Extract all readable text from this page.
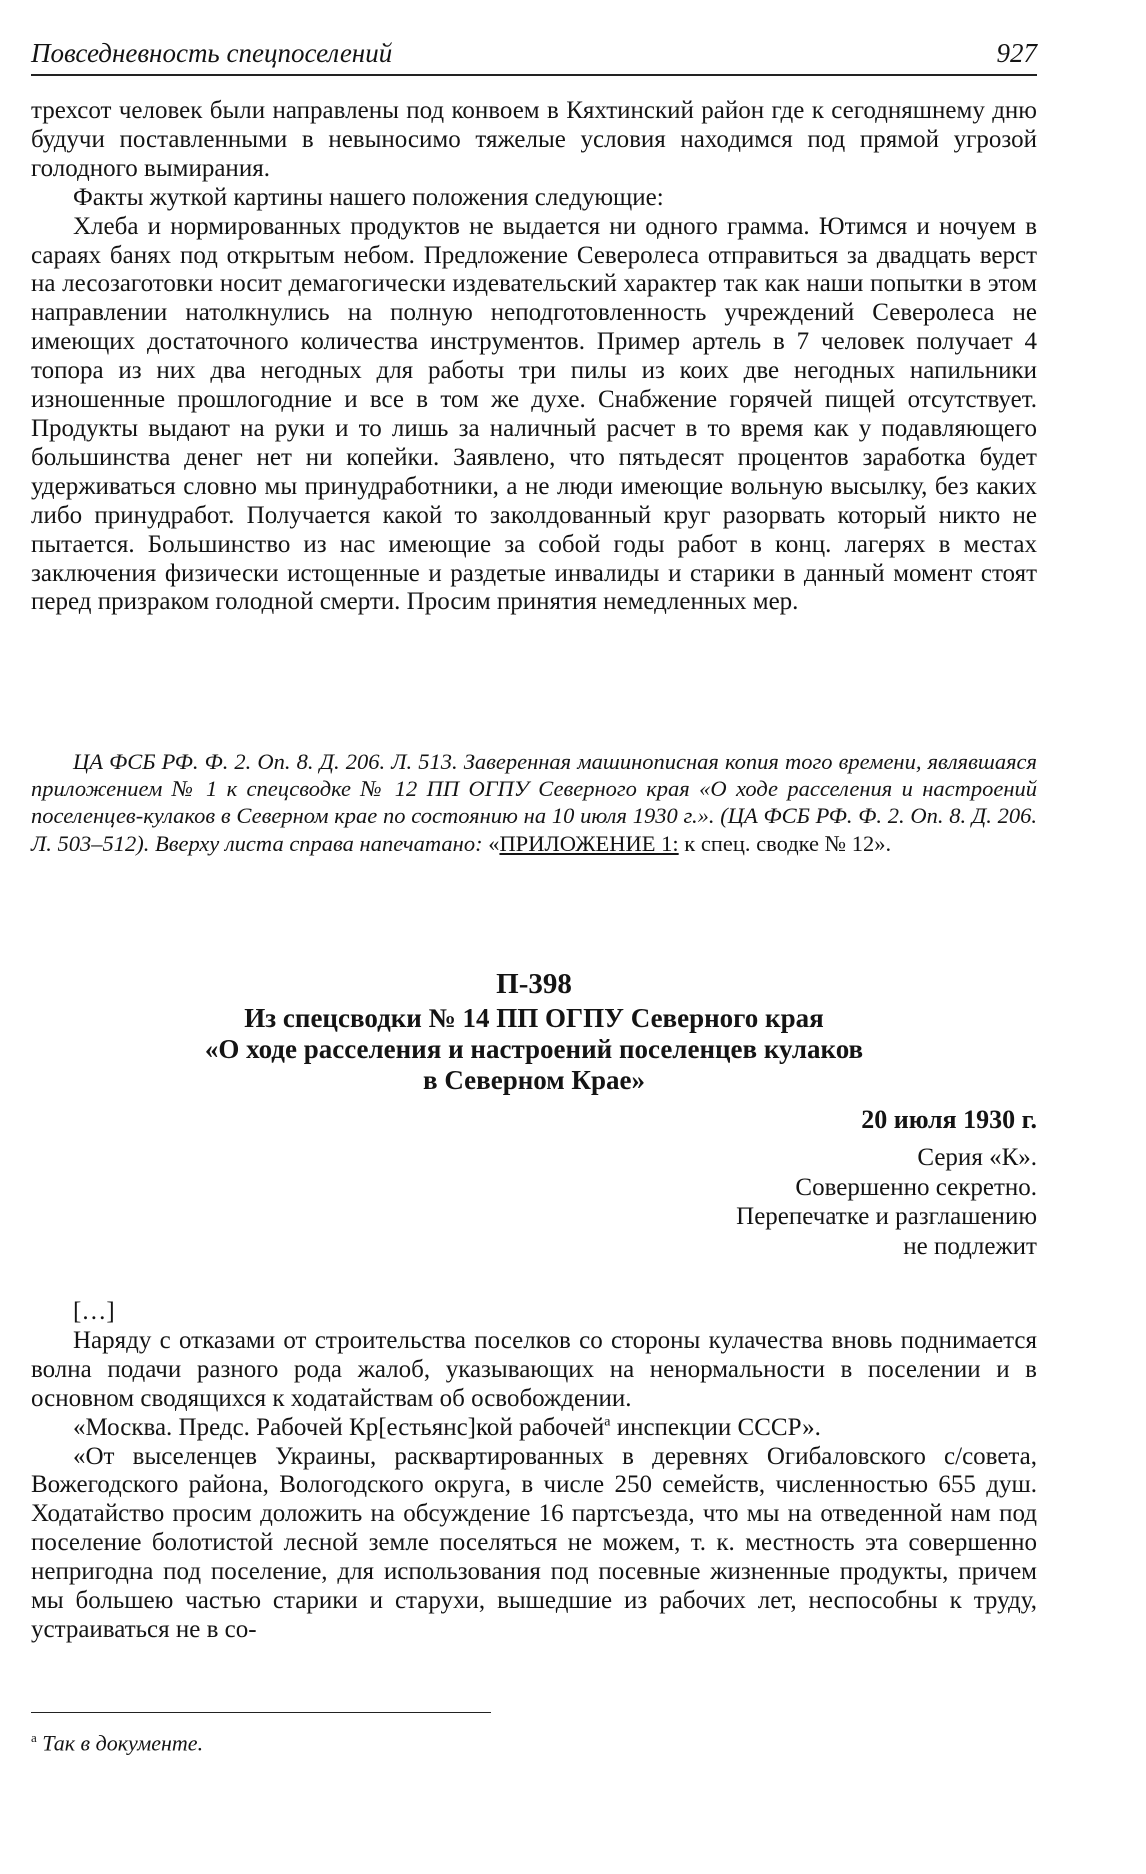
Повседневность спецпоселений	927

трехсот человек были направлены под конвоем в Кяхтинский район где к сегодняшнему дню будучи поставленными в невыносимо тяжелые условия находимся под прямой угрозой голодного вымирания.

Факты жуткой картины нашего положения следующие:

Хлеба и нормированных продуктов не выдается ни одного грамма. Ютимся и ночуем в сараях банях под открытым небом. Предложение Северолеса отправиться за двадцать верст на лесозаготовки носит демагогически издевательский характер так как наши попытки в этом направлении натолкнулись на полную неподготовленность учреждений Северолеса не имеющих достаточного количества инструментов. Пример артель в 7 человек получает 4 топора из них два негодных для работы три пилы из коих две негодных напильники изношенные прошлогодние и все в том же духе. Снабжение горячей пищей отсутствует. Продукты выдают на руки и то лишь за наличный расчет в то время как у подавляющего большинства денег нет ни копейки. Заявлено, что пятьдесят процентов заработка будет удерживаться словно мы принудработники, а не люди имеющие вольную высылку, без каких либо принудработ. Получается какой то заколдованный круг разорвать который никто не пытается. Большинство из нас имеющие за собой годы работ в конц. лагерях в местах заключения физически истощенные и раздетые инвалиды и старики в данный момент стоят перед призраком голодной смерти. Просим принятия немедленных мер.

ЦА ФСБ РФ. Ф. 2. Оп. 8. Д. 206. Л. 513. Заверенная машинописная копия того времени, являвшаяся приложением № 1 к спецсводке № 12 ПП ОГПУ Северного края «О ходе расселения и настроений поселенцев-кулаков в Северном крае по состоянию на 10 июля 1930 г.». (ЦА ФСБ РФ. Ф. 2. Оп. 8. Д. 206. Л. 503–512). Вверху листа справа напечатано: «ПРИЛОЖЕНИЕ 1: к спец. сводке № 12».

П-398
Из спецсводки № 14 ПП ОГПУ Северного края
«О ходе расселения и настроений поселенцев кулаков
в Северном Крае»
20 июля 1930 г.
Серия «К».
Совершенно секретно.
Перепечатке и разглашению
не подлежит

[…]

Наряду с отказами от строительства поселков со стороны кулачества вновь поднимается волна подачи разного рода жалоб, указывающих на ненормальности в поселении и в основном сводящихся к ходатайствам об освобождении.

«Москва. Предс. Рабочей Кр[естьянс]кой рабочей$^а$ инспекции СССР».

«От выселенцев Украины, расквартированных в деревнях Огибаловского с/совета, Вожегодского района, Вологодского округа, в числе 250 семейств, численностью 655 душ. Ходатайство просим доложить на обсуждение 16 партсъезда, что мы на отведенной нам под поселение болотистой лесной земле поселяться не можем, т. к. местность эта совершенно непригодна под поселение, для использования под посевные жизненные продукты, причем мы большею частью старики и старухи, вышедшие из рабочих лет, неспособны к труду, устраиваться не в со-

$^а$ Так в документе.
